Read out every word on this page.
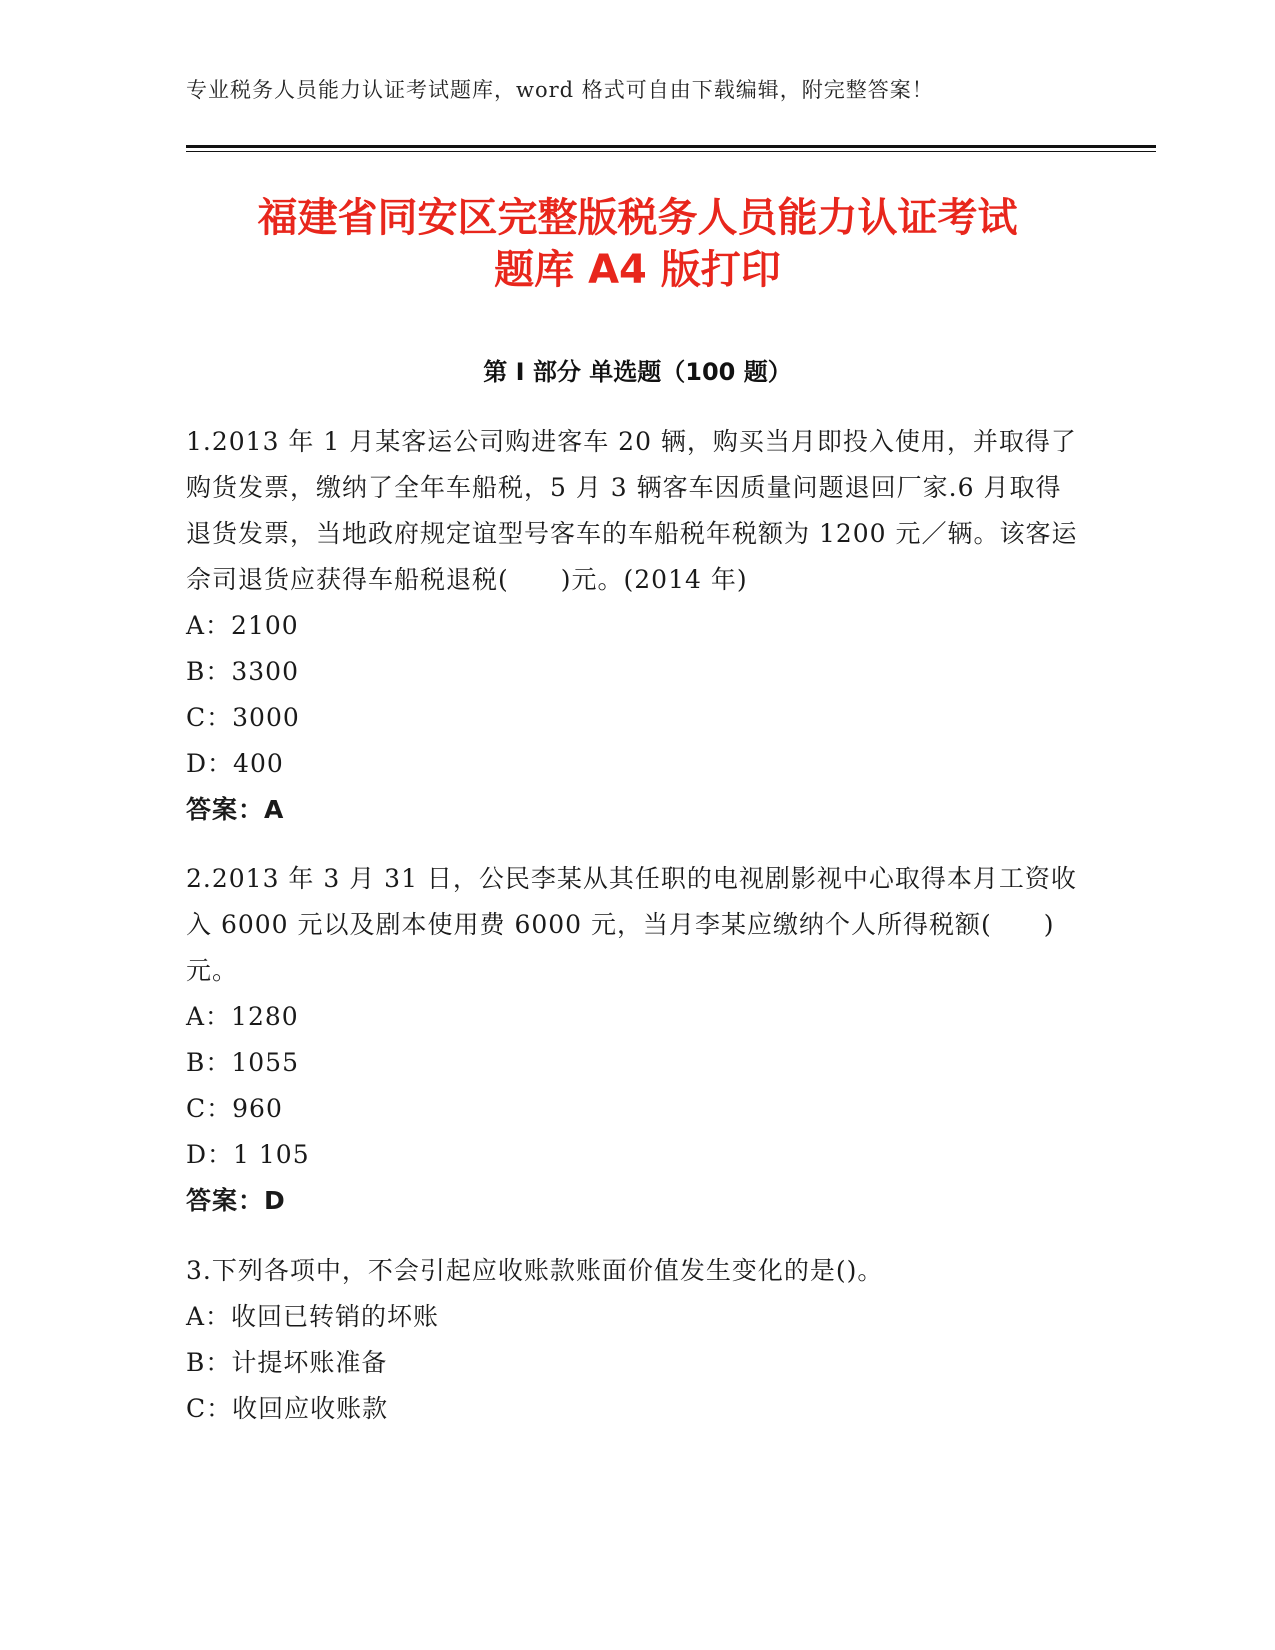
专业税务人员能力认证考试题库，word 格式可自由下载编辑，附完整答案！
福建省同安区完整版税务人员能力认证考试
题库 A4 版打印
第 I 部分 单选题（100 题）

1.2013 年 1 月某客运公司购进客车 20 辆，购买当月即投入使用，并取得了购货发票，缴纳了全年车船税，5 月 3 辆客车因质量问题退回厂家.6 月取得退货发票，当地政府规定谊型号客车的车船税年税额为 1200 元／辆。该客运佘司退货应获得车船税退税(　　)元。(2014 年)

A：2100

B：3300

C：3000

D：400

答案：A

2.2013 年 3 月 31 日，公民李某从其任职的电视剧影视中心取得本月工资收入 6000 元以及剧本使用费 6000 元，当月李某应缴纳个人所得税额(　　)元。

A：1280

B：1055

C：960

D：1 105

答案：D

3.下列各项中，不会引起应收账款账面价值发生变化的是()。

A：收回已转销的坏账

B：计提坏账准备

C：收回应收账款
